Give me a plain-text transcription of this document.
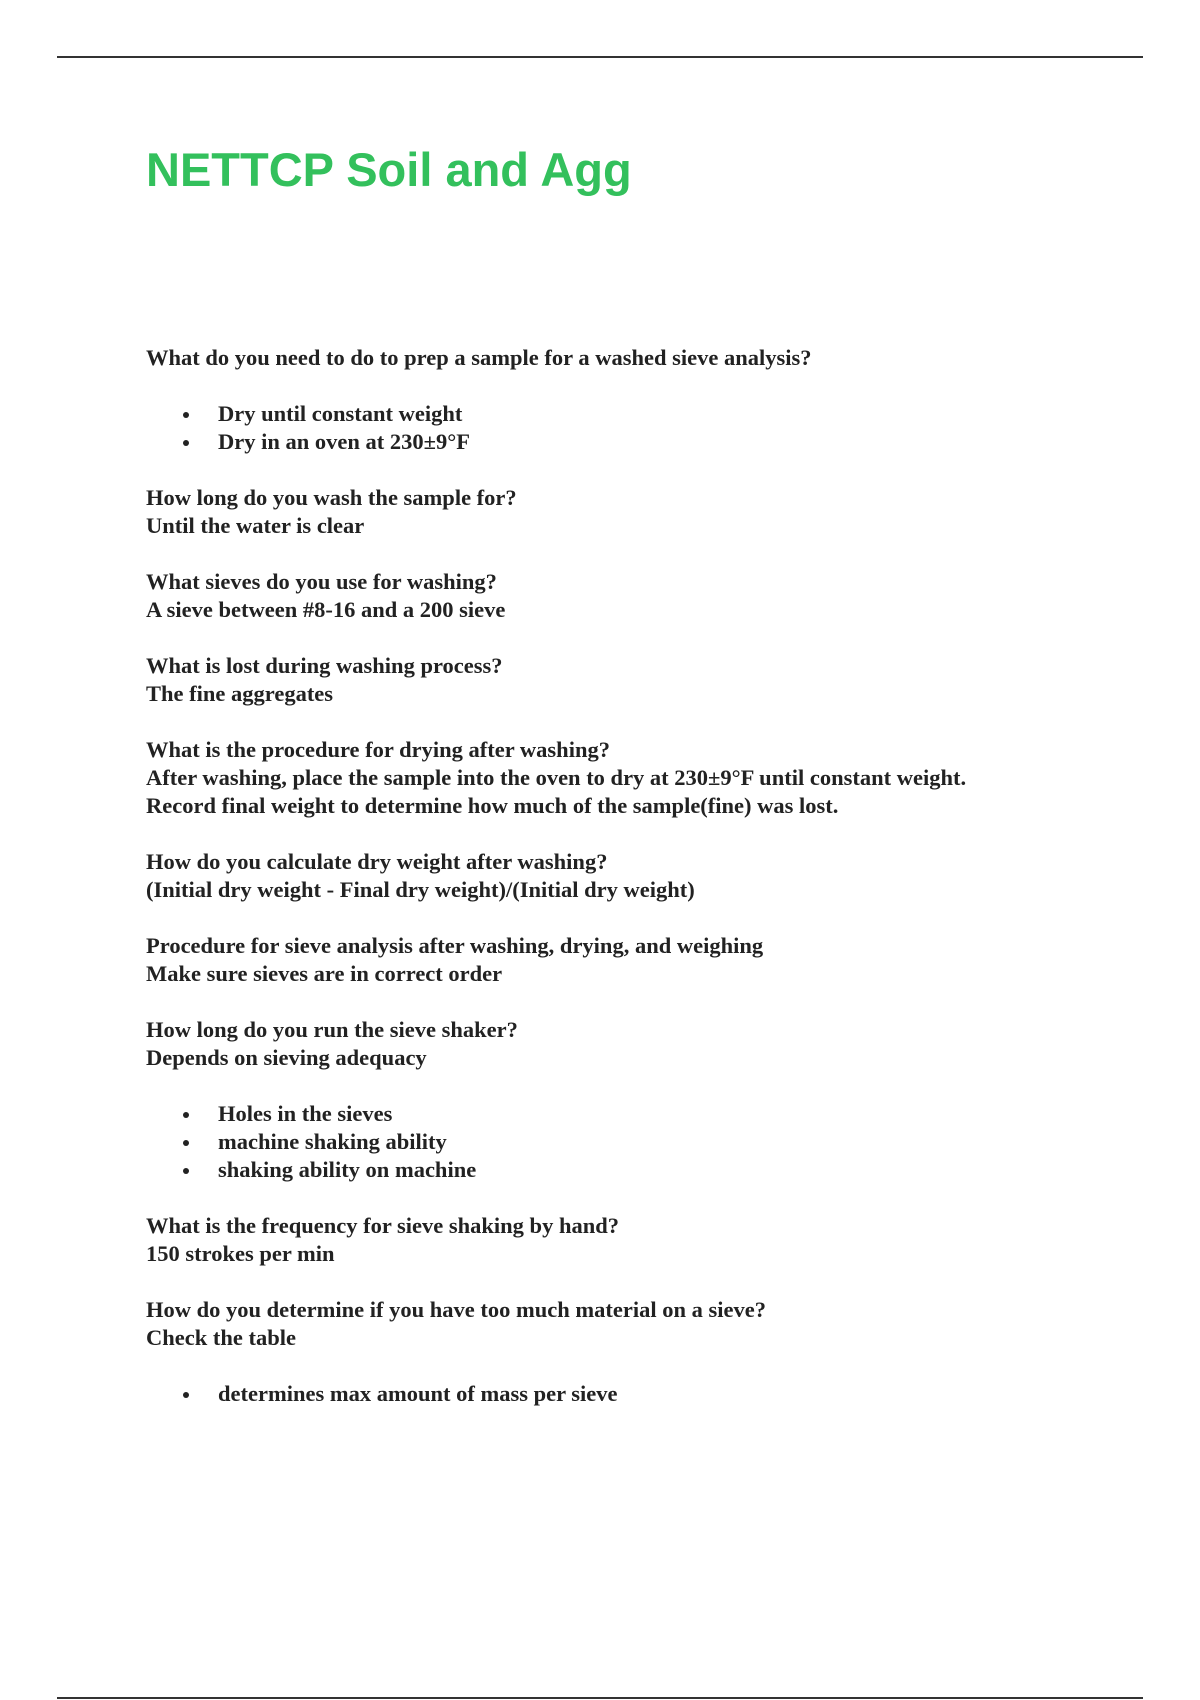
NETTCP Soil and Agg

What do you need to do to prep a sample for a washed sieve analysis?

Dry until constant weight
Dry in an oven at 230±9°F

How long do you wash the sample for?

Until the water is clear

What sieves do you use for washing?

A sieve between #8-16 and a 200 sieve

What is lost during washing process?

The fine aggregates

What is the procedure for drying after washing?

After washing, place the sample into the oven to dry at 230±9°F until constant weight.
Record final weight to determine how much of the sample(fine) was lost.

How do you calculate dry weight after washing?

(Initial dry weight - Final dry weight)/(Initial dry weight)

Procedure for sieve analysis after washing, drying, and weighing

Make sure sieves are in correct order

How long do you run the sieve shaker?

Depends on sieving adequacy

Holes in the sieves
machine shaking ability
shaking ability on machine

What is the frequency for sieve shaking by hand?

150 strokes per min

How do you determine if you have too much material on a sieve?

Check the table

determines max amount of mass per sieve
